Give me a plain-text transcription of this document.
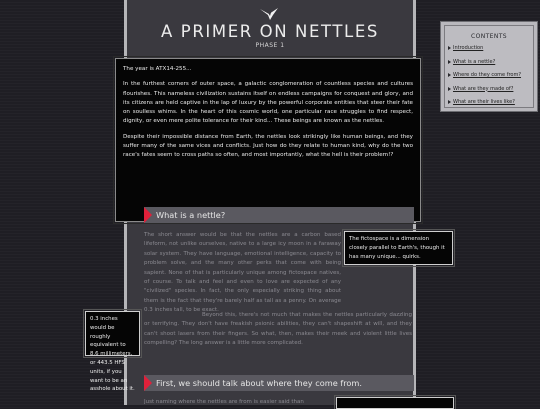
A PRIMER ON NETTLES
PHASE 1

The year is ATX14-255...

In the furthest corners of outer space, a galactic conglomeration of countless species and cultures flourishes. This nameless civilization sustains itself on endless campaigns for conquest and glory, and its citizens are held captive in the lap of luxury by the powerful corporate entities that steer their fate on soulless whims. In the heart of this cosmic world, one particular race struggles to find respect, dignity, or even mere polite tolerance for their kind... These beings are known as the nettles.

Despite their impossible distance from Earth, the nettles look strikingly like human beings, and they suffer many of the same vices and conflicts. Just how do they relate to human kind, why do the two race's fates seem to cross paths so often, and most importantly, what the hell is their problem!?

What is a nettle?

The short answer would be that the nettles are a carbon based lifeform, not unlike ourselves, native to a large icy moon in a faraway solar system. They have language, emotional intelligence, capacity to problem solve, and the many other perks that come with being sapient. None of that is particularly unique among fictospace natives, of course. To talk and feel and even to love are expected of any "civilized" species. In fact, the only especially striking thing about them is the fact that they're barely half as tall as a penny. On average 0.3 inches tall, to be exact.

The fictospace is a dimension closely parallel to Earth's, though it has many unique... quirks.
0.3 inches would be roughly equivalent to 8.6 millimeters, or 443.5 HFS units, if you want to be an asshole about it.

Beyond this, there's not much that makes the nettles particularly dazzling or terrifying. They don't have freakish psionic abilities, they can't shapeshift at will, and they can't shoot lasers from their fingers. So what, then, makes their meek and violent little lives compelling? The long answer is a little more complicated.

First, we should talk about where they come from.

Just naming where the nettles are from is easier said than

CONTENTS
Introduction
What is a nettle?
Where do they come from?
What are they made of?
What are their lives like?
